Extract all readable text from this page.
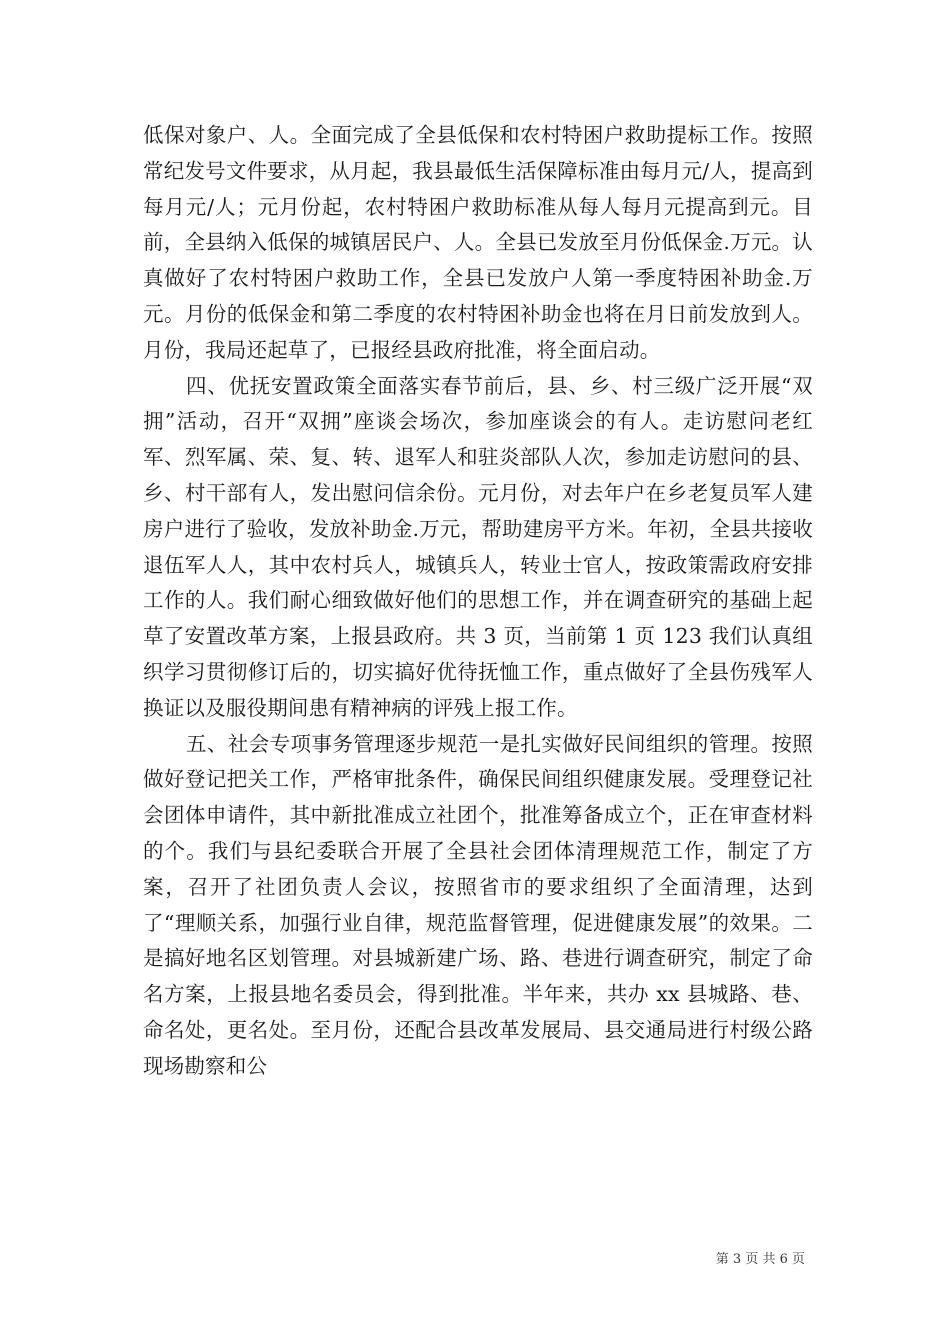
低保对象户、人。全面完成了全县低保和农村特困户救助提标工作。按照常纪发号文件要求，从月起，我县最低生活保障标准由每月元/人，提高到每月元/人；元月份起，农村特困户救助标准从每人每月元提高到元。目前，全县纳入低保的城镇居民户、人。全县已发放至月份低保金.万元。认真做好了农村特困户救助工作，全县已发放户人第一季度特困补助金.万元。月份的低保金和第二季度的农村特困补助金也将在月日前发放到人。月份，我局还起草了，已报经县政府批准，将全面启动。

四、优抚安置政策全面落实春节前后，县、乡、村三级广泛开展“双拥”活动，召开“双拥”座谈会场次，参加座谈会的有人。走访慰问老红军、烈军属、荣、复、转、退军人和驻炎部队人次，参加走访慰问的县、乡、村干部有人，发出慰问信余份。元月份，对去年户在乡老复员军人建房户进行了验收，发放补助金.万元，帮助建房平方米。年初，全县共接收退伍军人人，其中农村兵人，城镇兵人，转业士官人，按政策需政府安排工作的人。我们耐心细致做好他们的思想工作，并在调查研究的基础上起草了安置改革方案，上报县政府。共 3 页，当前第 1 页 123 我们认真组织学习贯彻修订后的，切实搞好优待抚恤工作，重点做好了全县伤残军人换证以及服役期间患有精神病的评残上报工作。

五、社会专项事务管理逐步规范一是扎实做好民间组织的管理。按照做好登记把关工作，严格审批条件，确保民间组织健康发展。受理登记社会团体申请件，其中新批准成立社团个，批准筹备成立个，正在审查材料的个。我们与县纪委联合开展了全县社会团体清理规范工作，制定了方案，召开了社团负责人会议，按照省市的要求组织了全面清理，达到了“理顺关系，加强行业自律，规范监督管理，促进健康发展”的效果。二是搞好地名区划管理。对县城新建广场、路、巷进行调查研究，制定了命名方案，上报县地名委员会，得到批准。半年来，共办 xx 县城路、巷、命名处，更名处。至月份，还配合县改革发展局、县交通局进行村级公路现场勘察和公

第 3 页 共 6 页
